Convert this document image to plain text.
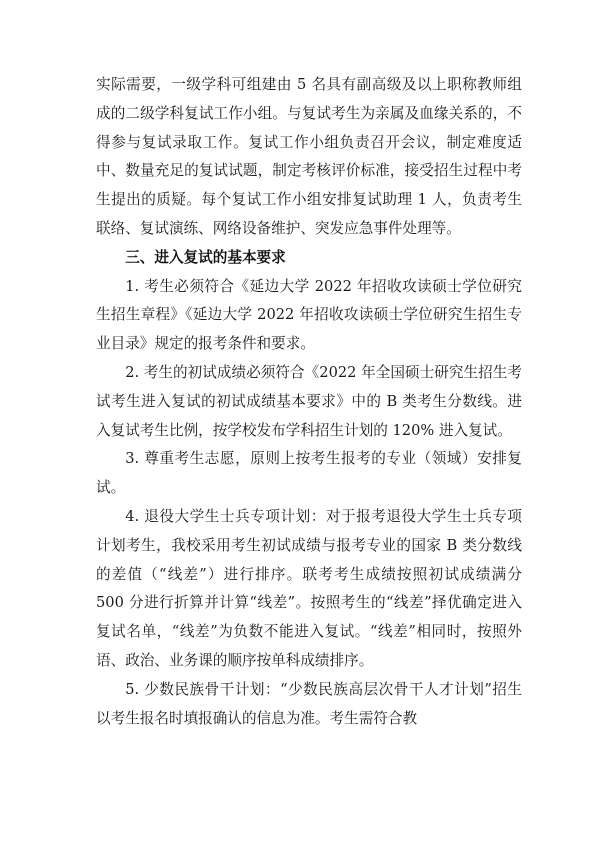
实际需要，一级学科可组建由 5 名具有副高级及以上职称教师组成的二级学科复试工作小组。与复试考生为亲属及血缘关系的，不得参与复试录取工作。复试工作小组负责召开会议，制定难度适中、数量充足的复试试题，制定考核评价标准，接受招生过程中考生提出的质疑。每个复试工作小组安排复试助理 1 人，负责考生联络、复试演练、网络设备维护、突发应急事件处理等。

三、进入复试的基本要求

1. 考生必须符合《延边大学 2022 年招收攻读硕士学位研究生招生章程》《延边大学 2022 年招收攻读硕士学位研究生招生专业目录》规定的报考条件和要求。

2. 考生的初试成绩必须符合《2022 年全国硕士研究生招生考试考生进入复试的初试成绩基本要求》中的 B 类考生分数线。进入复试考生比例，按学校发布学科招生计划的 120% 进入复试。

3. 尊重考生志愿，原则上按考生报考的专业（领域）安排复试。

4. 退役大学生士兵专项计划：对于报考退役大学生士兵专项计划考生，我校采用考生初试成绩与报考专业的国家 B 类分数线的差值（“线差”）进行排序。联考考生成绩按照初试成绩满分 500 分进行折算并计算“线差”。按照考生的“线差”择优确定进入复试名单，“线差”为负数不能进入复试。“线差”相同时，按照外语、政治、业务课的顺序按单科成绩排序。

5. 少数民族骨干计划：“少数民族高层次骨干人才计划”招生以考生报名时填报确认的信息为准。考生需符合教
